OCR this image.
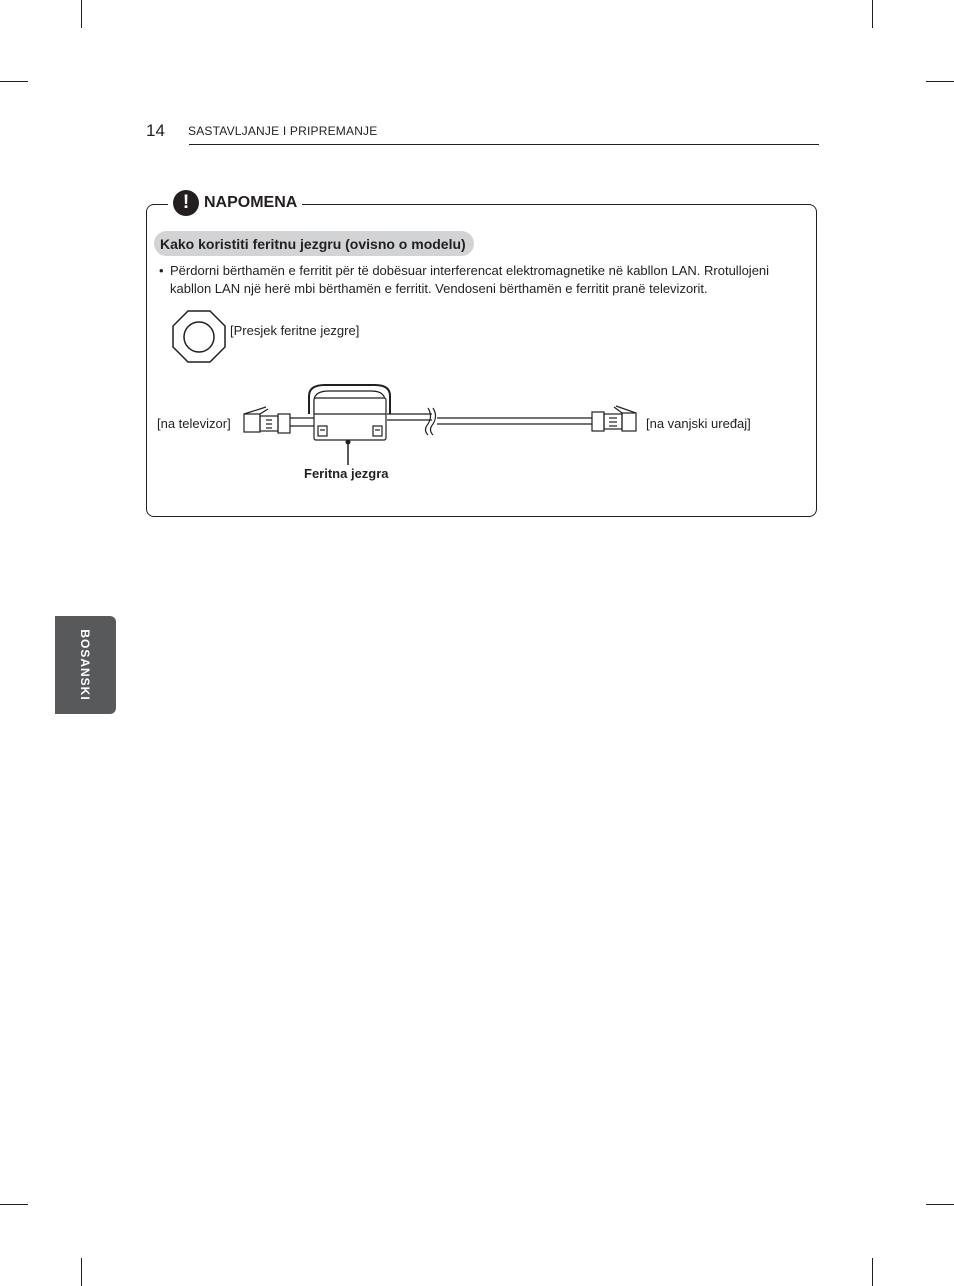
14 SASTAVLJANJE I PRIPREMANJE
! NAPOMENA
Kako koristiti feritnu jezgru (ovisno o modelu)
• Përdorni bërthamën e ferritit për të dobësuar interferencat elektromagnetike në kabllon LAN. Rrotullojeni kabllon LAN një herë mbi bërthamën e ferritit. Vendoseni bërthamën e ferritit pranë televizorit.
[Presjek feritne jezgre]
[na televizor]	[na vanjski uređaj]
Feritna jezgra
BOSANSKI
